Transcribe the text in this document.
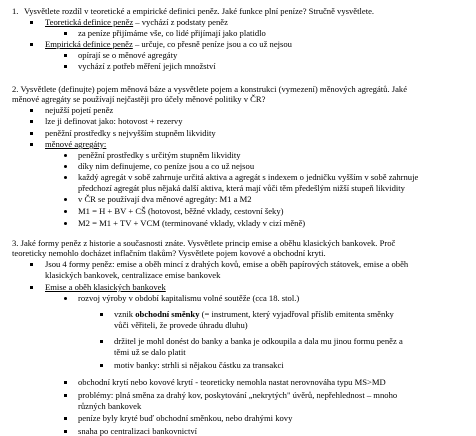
1. Vysvětlete rozdíl v teoretické a empirické definici peněz. Jaké funkce plní peníze? Stručně vysvětlete.
Teoretická definice peněz – vychází z podstaty peněz
za peníze přijímáme vše, co lidé přijímají jako platidlo
Empirická definice peněz – určuje, co přesně peníze jsou a co už nejsou
opírají se o měnové agregáty
vychází z potřeb měření jejich množství
2. Vysvětlete (definujte) pojem měnová báze a vysvětlete pojem a konstrukci (vymezení) měnových agregátů. Jaké
měnové agregáty se používají nejčastěji pro účely měnové politiky v ČR?
nejužší pojetí peněz
lze ji definovat jako: hotovost + rezervy
peněžní prostředky s nejvyšším stupněm likvidity
měnové agregáty:
peněžní prostředky s určitým stupněm likvidity
díky nim definujeme, co peníze jsou a co už nejsou
každý agregát v sobě zahrnuje určitá aktiva a agregát s indexem o jedničku vyšším v sobě zahrnuje
předchozí agregát plus nějaká další aktiva, která mají vůči těm předešlým nižší stupeň likvidity
v ČR se používají dva měnové agregáty: M1 a M2
M1 = H + BV + CŠ (hotovost, běžné vklady, cestovní šeky)
M2 = M1 + TV + VCM (terminované vklady, vklady v cizí měně)
3. Jaké formy peněz z historie a současnosti znáte. Vysvětlete princip emise a oběhu klasických bankovek. Proč
teoreticky nemohlo docházet inflačním tlakům? Vysvětlete pojem kovové a obchodní kryti.
Jsou 4 formy peněz: emise a oběh mincí z drahých kovů, emise a oběh papírových státovek, emise a oběh
klasických bankovek, centralizace emise bankovek
Emise a oběh klasických bankovek
rozvoj výroby v období kapitalismu volné soutěže (cca 18. stol.)
vznik obchodní směnky (= instrument, který vyjadřoval příslib emitenta směnky
vůči věřiteli, že provede úhradu dluhu)
držitel je mohl donést do banky a banka je odkoupila a dala mu jinou formu peněz a
těmi už se dalo platit
motiv banky: strhli si nějakou částku za transakci
obchodní krytí nebo kovové krytí - teoreticky nemohla nastat nerovnováha typu MS>MD
problémy: plná směna za drahý kov, poskytování „nekrytých" úvěrů, nepřehlednost – mnoho
různých bankovek
peníze byly kryté buď obchodní směnkou, nebo drahými kovy
snaha po centralizaci bankovnictví
